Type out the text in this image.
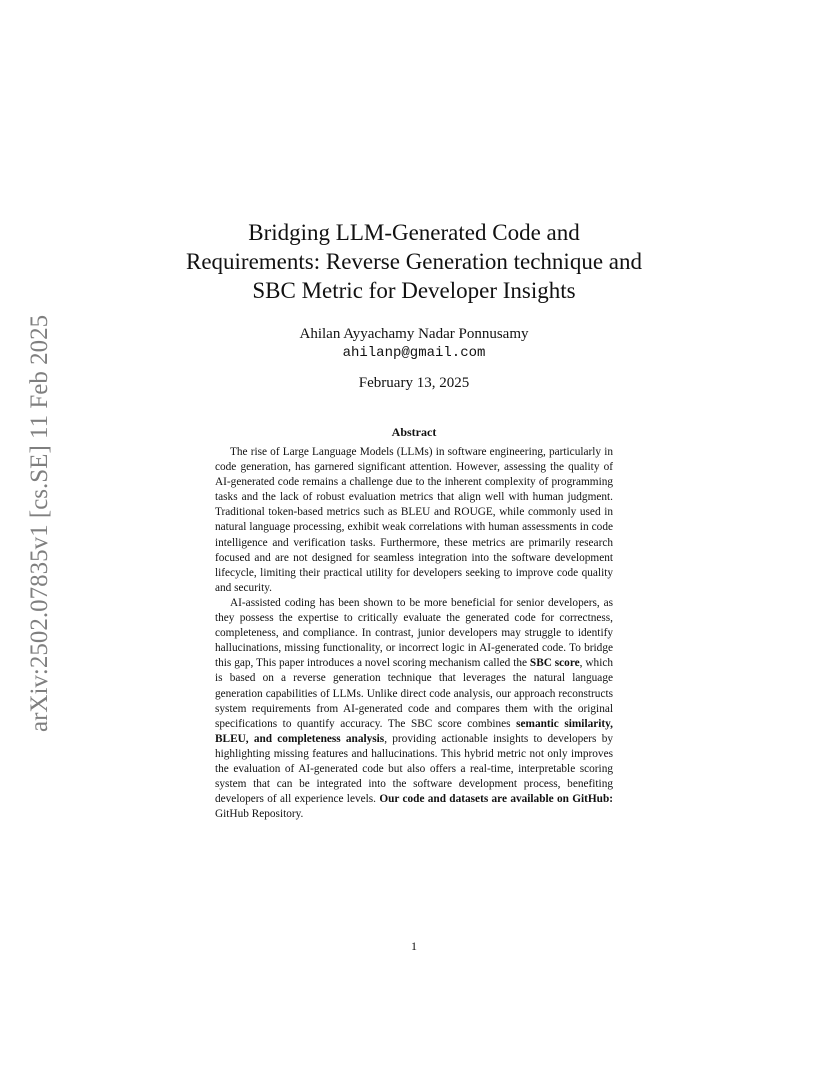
arXiv:2502.07835v1 [cs.SE] 11 Feb 2025
Bridging LLM-Generated Code and
Requirements: Reverse Generation technique and
SBC Metric for Developer Insights
Ahilan Ayyachamy Nadar Ponnusamy
ahilanp@gmail.com
February 13, 2025
Abstract

The rise of Large Language Models (LLMs) in software engineering, particularly in code generation, has garnered significant attention. However, assessing the quality of AI-generated code remains a challenge due to the inherent complexity of programming tasks and the lack of robust evaluation metrics that align well with human judgment. Traditional token-based metrics such as BLEU and ROUGE, while commonly used in natural language processing, exhibit weak correlations with human assessments in code intelligence and verification tasks. Furthermore, these metrics are primarily research focused and are not designed for seamless integration into the software development lifecycle, limiting their practical utility for developers seeking to improve code quality and security.

AI-assisted coding has been shown to be more beneficial for senior developers, as they possess the expertise to critically evaluate the generated code for correctness, completeness, and compliance. In contrast, junior developers may struggle to identify hallucinations, missing functionality, or incorrect logic in AI-generated code. To bridge this gap, This paper introduces a novel scoring mechanism called the SBC score, which is based on a reverse generation technique that leverages the natural language generation capabilities of LLMs. Unlike direct code analysis, our approach reconstructs system requirements from AI-generated code and compares them with the original specifications to quantify accuracy. The SBC score combines semantic similarity, BLEU, and completeness analysis, providing actionable insights to developers by highlighting missing features and hallucinations. This hybrid metric not only improves the evaluation of AI-generated code but also offers a real-time, interpretable scoring system that can be integrated into the software development process, benefiting developers of all experience levels. Our code and datasets are available on GitHub: GitHub Repository.

1
